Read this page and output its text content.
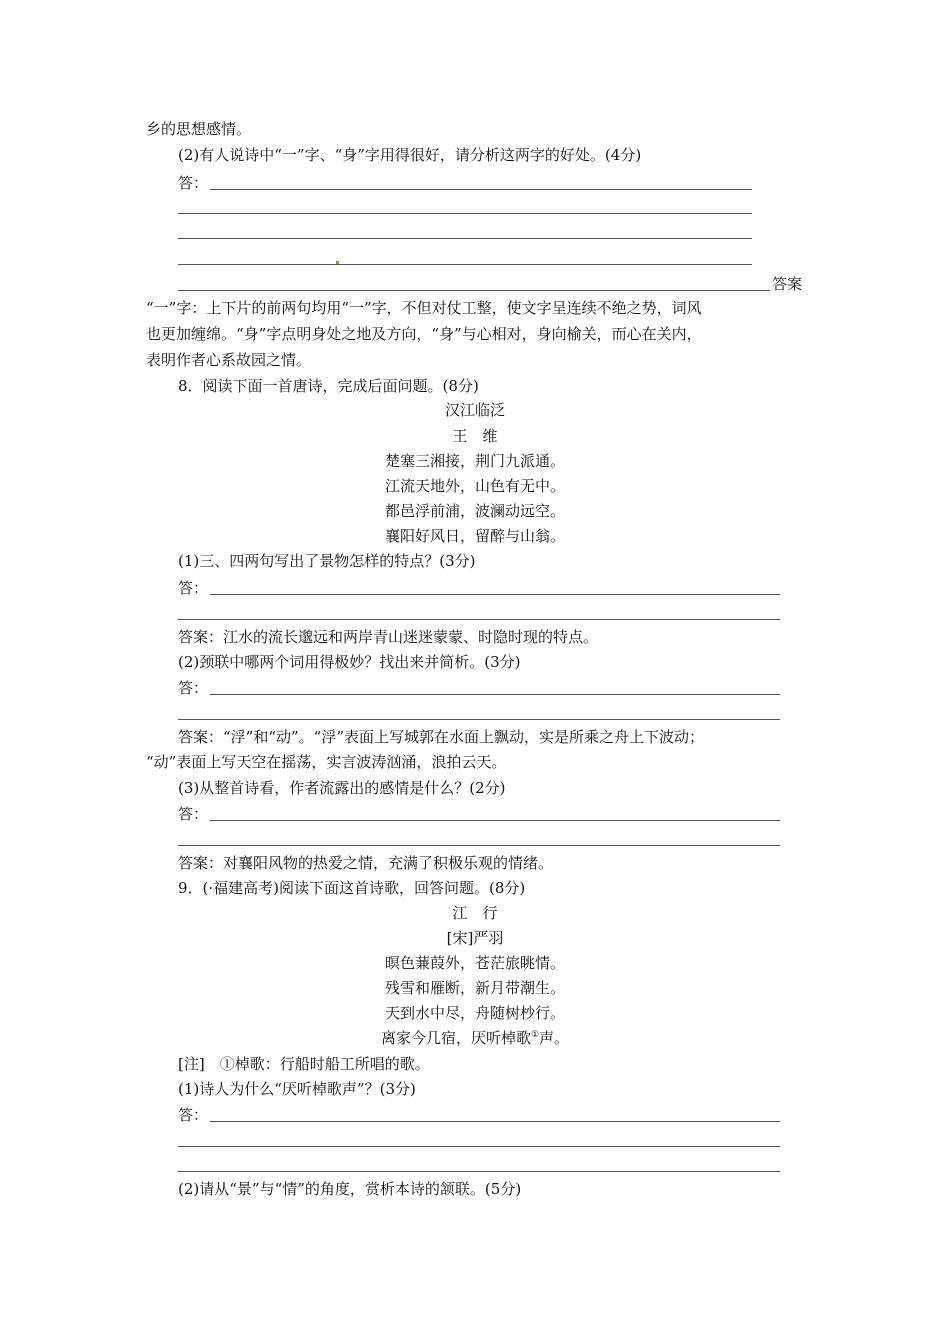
乡的思想感情。
(2)有人说诗中“一”字、“身”字用得很好，请分析这两字的好处。(4分)
答：
答案
“一”字：上下片的前两句均用“一”字，不但对仗工整，使文字呈连续不绝之势，词风
也更加缠绵。“身”字点明身处之地及方向，“身”与心相对，身向榆关，而心在关内，
表明作者心系故园之情。
8．阅读下面一首唐诗，完成后面问题。(8分)
汉江临泛
王　维
楚塞三湘接，荆门九派通。
江流天地外，山色有无中。
都邑浮前浦，波澜动远空。
襄阳好风日，留醉与山翁。
(1)三、四两句写出了景物怎样的特点？(3分)
答：
答案：江水的流长邈远和两岸青山迷迷蒙蒙、时隐时现的特点。
(2)颈联中哪两个词用得极妙？找出来并简析。(3分)
答：
答案：“浮”和“动”。“浮”表面上写城郭在水面上飘动，实是所乘之舟上下波动；
“动”表面上写天空在摇荡，实言波涛汹涌，浪拍云天。
(3)从整首诗看，作者流露出的感情是什么？(2分)
答：
答案：对襄阳风物的热爱之情，充满了积极乐观的情绪。
9．(·福建高考)阅读下面这首诗歌，回答问题。(8分)
江　行
[宋]严羽
暝色蒹葭外，苍茫旅眺情。
残雪和雁断，新月带潮生。
天到水中尽，舟随树杪行。
离家今几宿，厌听棹歌①声。
[注]　①棹歌：行船时船工所唱的歌。
(1)诗人为什么“厌听棹歌声”？(3分)
答：
(2)请从“景”与“情”的角度，赏析本诗的颔联。(5分)
